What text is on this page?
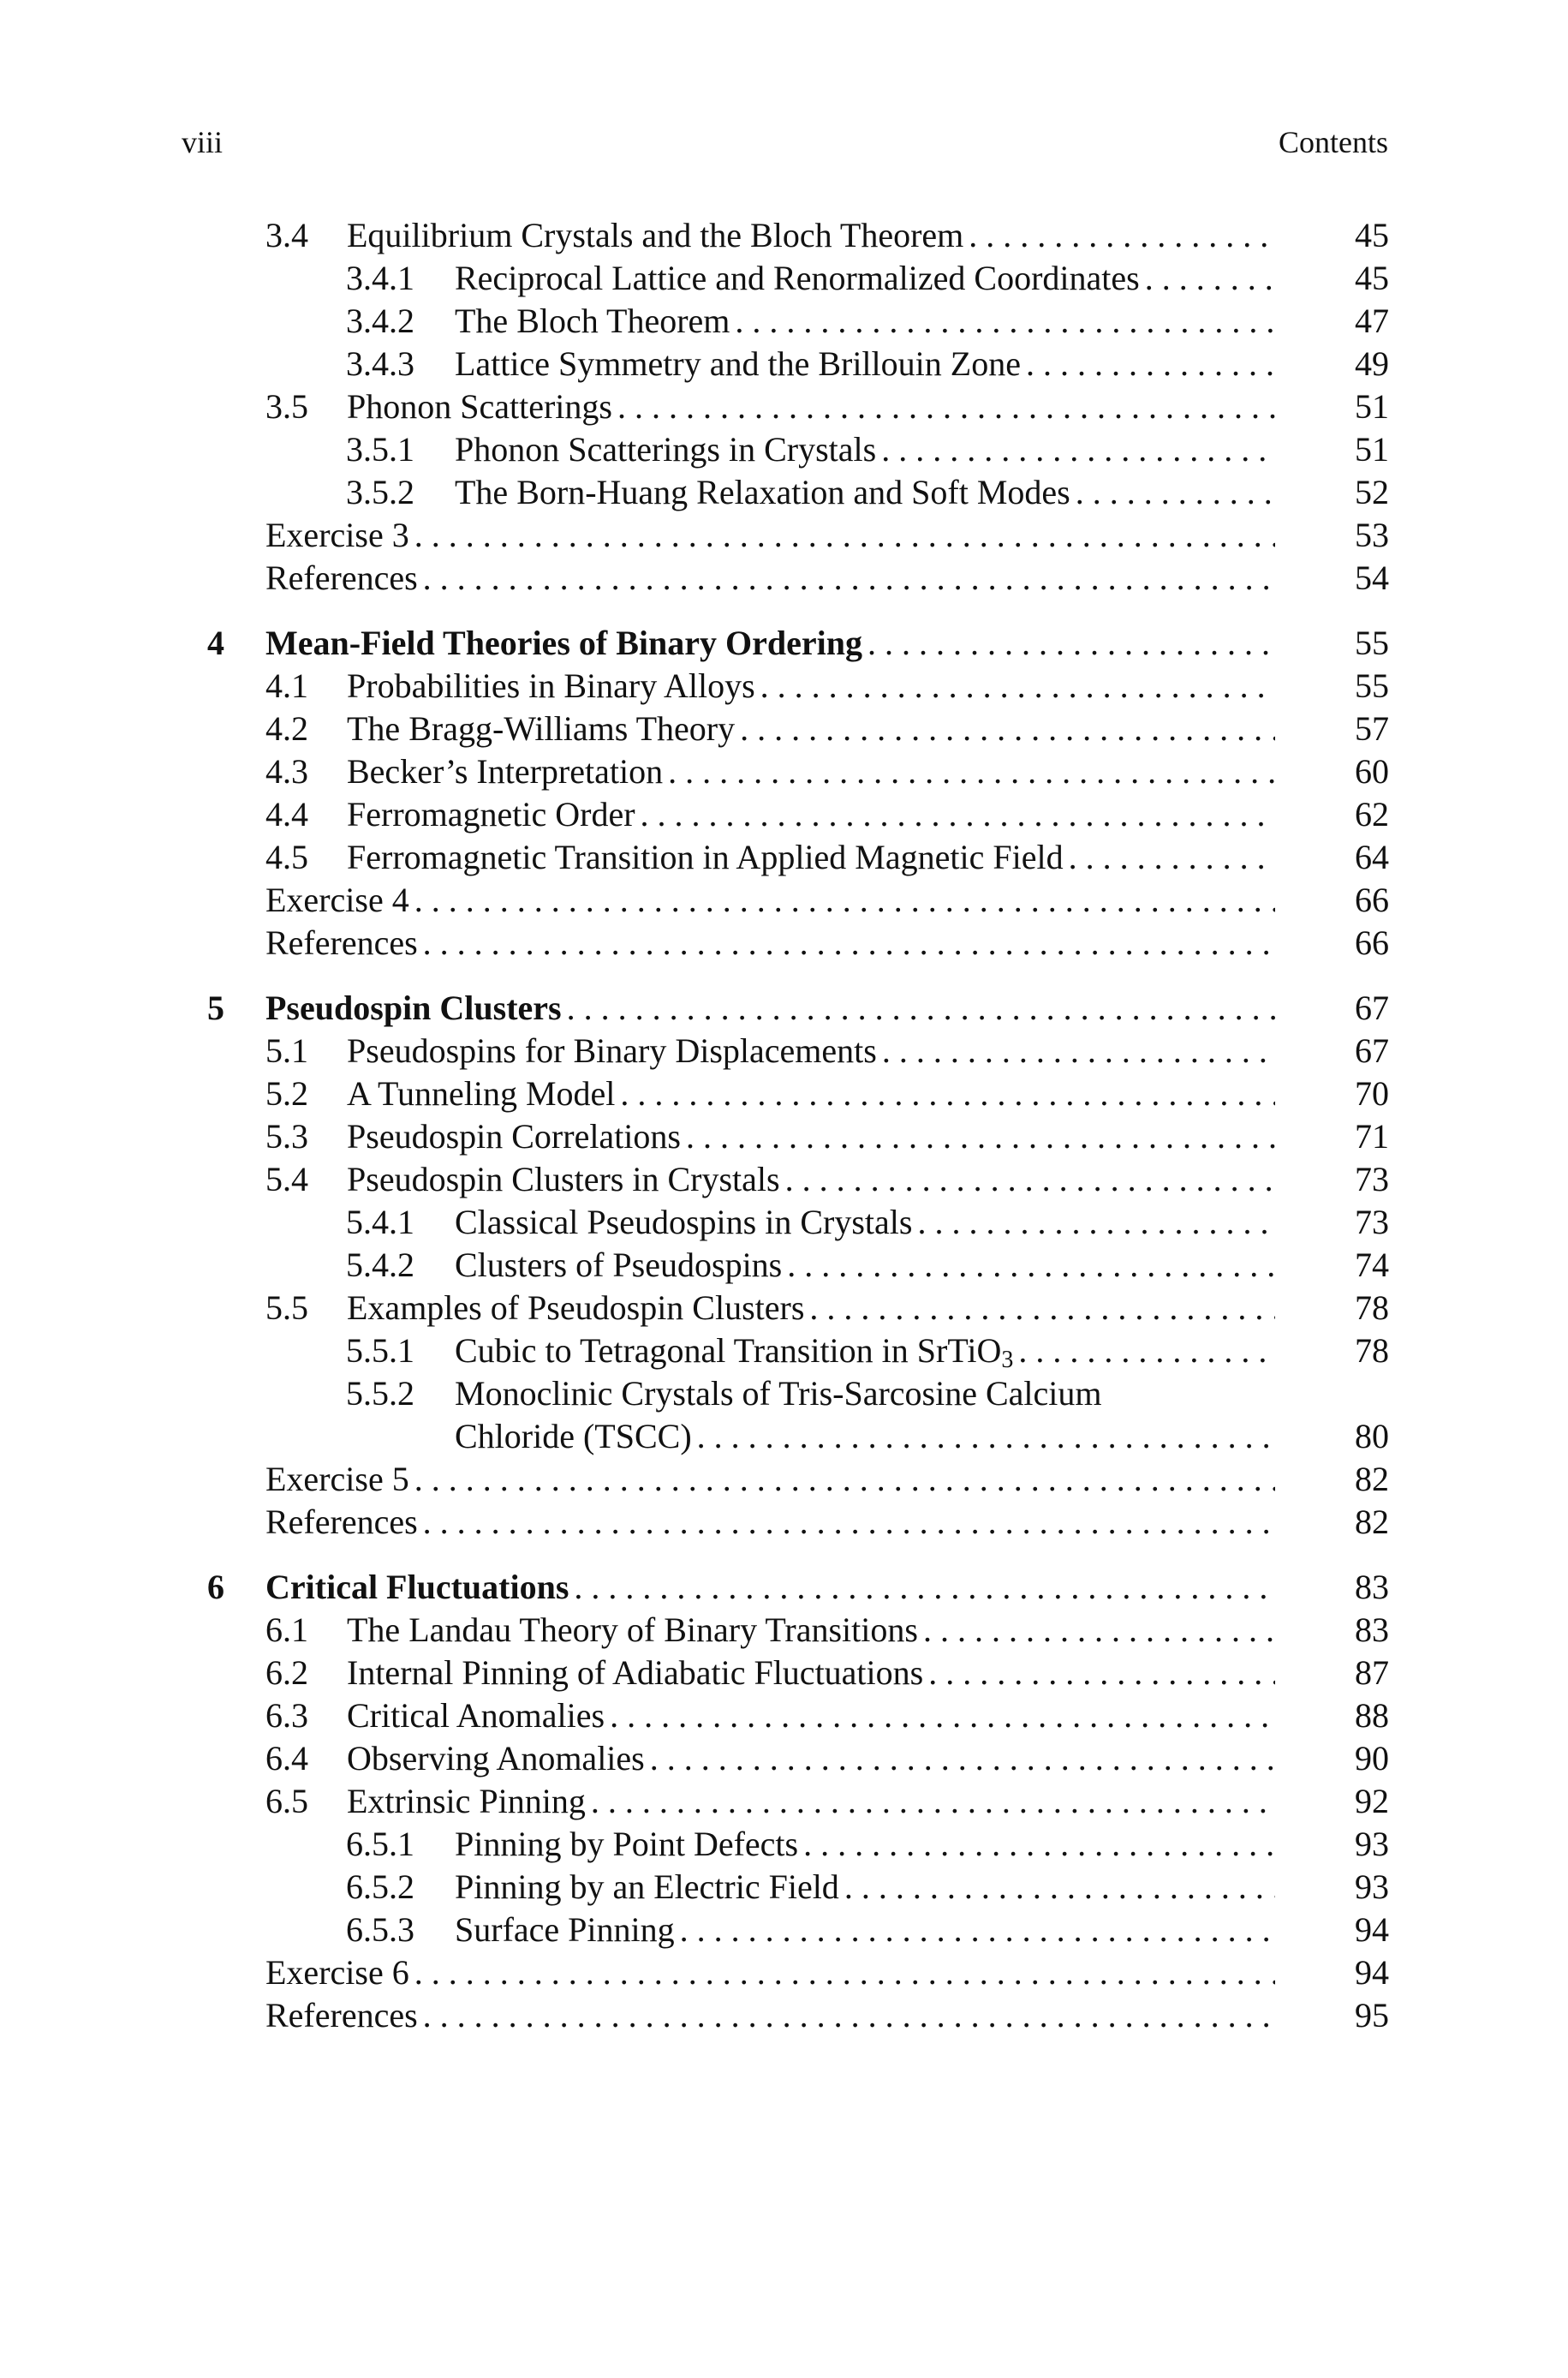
viii	Contents
3.4 Equilibrium Crystals and the Bloch Theorem . . .	45
3.4.1 Reciprocal Lattice and Renormalized Coordinates . . .	45
3.4.2 The Bloch Theorem . . .	47
3.4.3 Lattice Symmetry and the Brillouin Zone . . .	49
3.5 Phonon Scatterings . . .	51
3.5.1 Phonon Scatterings in Crystals . . .	51
3.5.2 The Born-Huang Relaxation and Soft Modes . . .	52
Exercise 3 . . .	53
References . . .	54
4 Mean-Field Theories of Binary Ordering . . .	55
4.1 Probabilities in Binary Alloys . . .	55
4.2 The Bragg-Williams Theory . . .	57
4.3 Becker’s Interpretation . . .	60
4.4 Ferromagnetic Order . . .	62
4.5 Ferromagnetic Transition in Applied Magnetic Field . . .	64
Exercise 4 . . .	66
References . . .	66
5 Pseudospin Clusters . . .	67
5.1 Pseudospins for Binary Displacements . . .	67
5.2 A Tunneling Model . . .	70
5.3 Pseudospin Correlations . . .	71
5.4 Pseudospin Clusters in Crystals . . .	73
5.4.1 Classical Pseudospins in Crystals . . .	73
5.4.2 Clusters of Pseudospins . . .	74
5.5 Examples of Pseudospin Clusters . . .	78
5.5.1 Cubic to Tetragonal Transition in SrTiO$_3$ . . .	78
5.5.2 Monoclinic Crystals of Tris-Sarcosine Calcium
Chloride (TSCC) . . .	80
Exercise 5 . . .	82
References . . .	82
6 Critical Fluctuations . . .	83
6.1 The Landau Theory of Binary Transitions . . .	83
6.2 Internal Pinning of Adiabatic Fluctuations . . .	87
6.3 Critical Anomalies . . .	88
6.4 Observing Anomalies . . .	90
6.5 Extrinsic Pinning . . .	92
6.5.1 Pinning by Point Defects . . .	93
6.5.2 Pinning by an Electric Field . . .	93
6.5.3 Surface Pinning . . .	94
Exercise 6 . . .	94
References . . .	95
